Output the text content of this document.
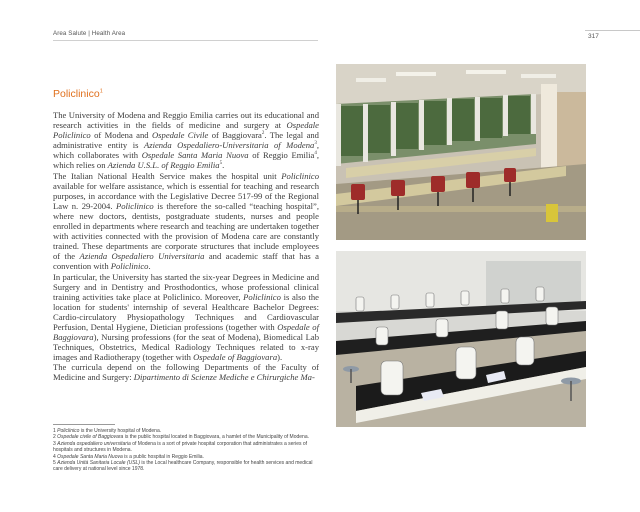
Area Salute | Health Area	317
Policlinico$^1$
The University of Modena and Reggio Emilia carries out its educational and research activities in the fields of medicine and surgery at Ospedale Policlinico of Modena and Ospedale Civile of Baggiovara$^2$. The legal and administrative entity is Azienda Ospedaliero-Universitaria of Modena$^3$, which collaborates with Ospedale Santa Maria Nuova of Reggio Emilia$^4$, which relies on Azienda U.S.L. of Reggio Emilia$^5$.
The Italian National Health Service makes the hospital unit Policlinico available for welfare assistance, which is essential for teaching and research purposes, in accordance with the Legislative Decree 517-99 of the Regional Law n. 29-2004. Policlinico is therefore the so-called “teaching hospital”, where new doctors, dentists, postgraduate students, nurses and people enrolled in departments where research and teaching are undertaken together with activities connected with the provision of Modena care are constantly trained. These departments are corporate structures that include employees of the Azienda Ospedaliero Universitaria and academic staff that has a convention with Policlinico.
In particular, the University has started the six-year Degrees in Medicine and Surgery and in Dentistry and Prosthodontics, whose professional clinical training activities take place at Policlinico. Moreover, Policlinico is also the location for students' internship of several Healthcare Bachelor Degrees: Cardio-circulatory Physiopathology Techniques and Cardiovascular Perfusion, Dental Hygiene, Dietician professions (together with Ospedale of Baggiovara), Nursing professions (for the seat of Modena), Biomedical Lab Techniques, Obstetrics, Medical Radiology Techniques related to x-ray images and Radiotherapy (together with Ospedale of Baggiovara).
The curricula depend on the following Departments of the Faculty of Medicine and Surgery: Dipartimento di Scienze Mediche e Chirurgiche Ma-
1 Policlinico is the University hospital of Modena.
2 Ospedale civile of Baggiovara is the public hospital located in Baggiovara, a hamlet of the Municipality of Modena.
3 Azienda ospedaliero universitaria of Modena is a sort of private hospital corporation that administrates a series of hospitals and structures in Modena.
4 Ospedale Santa Maria Nuova is a public hospital in Reggio Emilia.
5 Azienda Unità Sanitaria Locale (USL) is the Local healthcare Company, responsible for health services and medical care delivery at national level since 1978.
